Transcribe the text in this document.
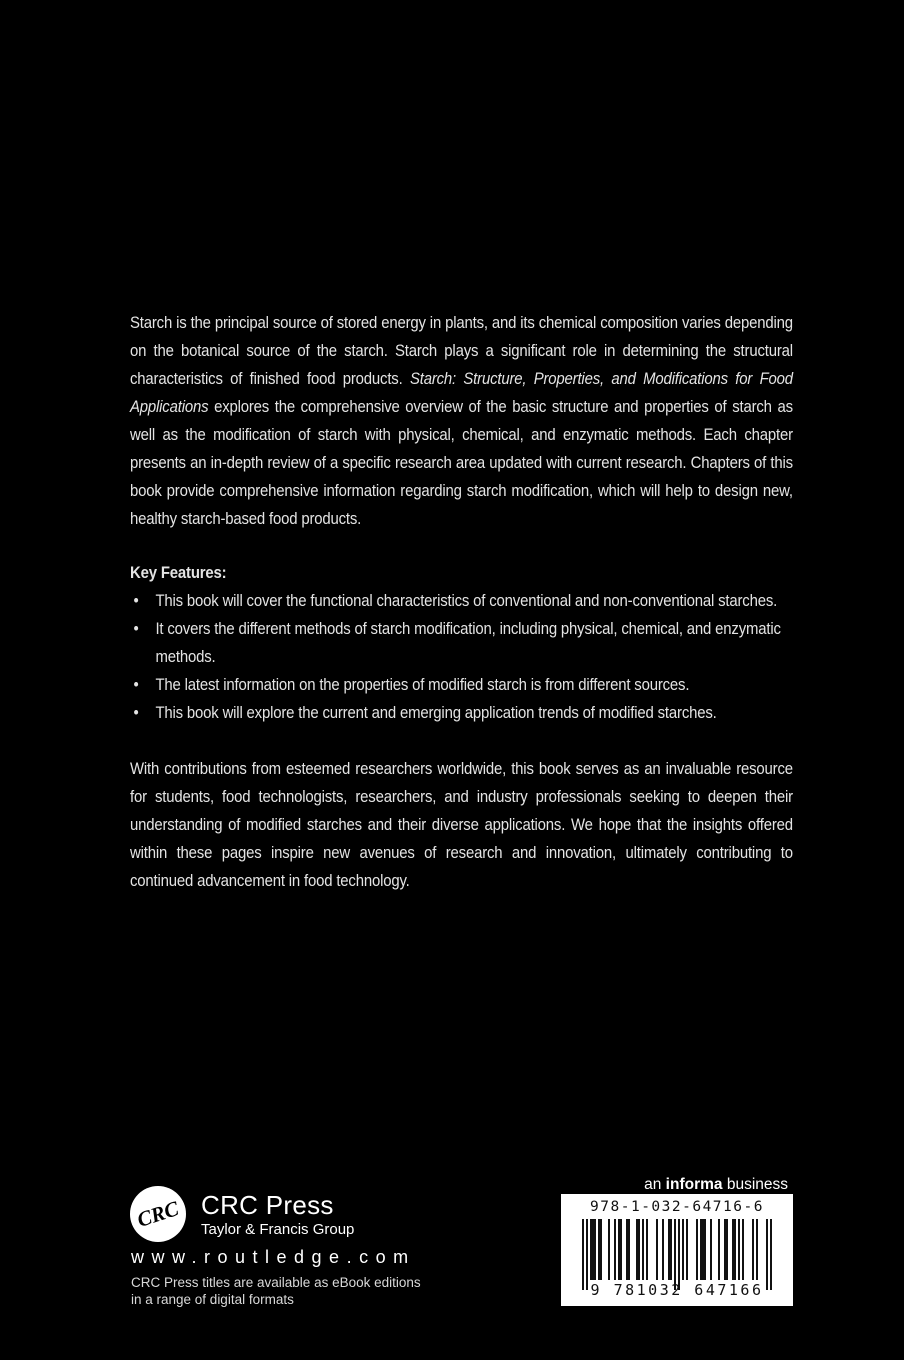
Starch is the principal source of stored energy in plants, and its chemical composition varies depending on the botanical source of the starch. Starch plays a significant role in determining the structural characteristics of finished food products. Starch: Structure, Properties, and Modifications for Food Applications explores the comprehensive overview of the basic structure and properties of starch as well as the modification of starch with physical, chemical, and enzymatic methods. Each chapter presents an in-depth review of a specific research area updated with current research. Chapters of this book provide comprehensive information regarding starch modification, which will help to design new, healthy starch-based food products.

Key Features:
• This book will cover the functional characteristics of conventional and non-conventional starches.
• It covers the different methods of starch modification, including physical, chemical, and enzymatic methods.
• The latest information on the properties of modified starch is from different sources.
• This book will explore the current and emerging application trends of modified starches.

With contributions from esteemed researchers worldwide, this book serves as an invaluable resource for students, food technologists, researchers, and industry professionals seeking to deepen their understanding of modified starches and their diverse applications. We hope that the insights offered within these pages inspire new avenues of research and innovation, ultimately contributing to continued advancement in food technology.

CRC CRC Press
Taylor & Francis Group
www.routledge.com
CRC Press titles are available as eBook editions
in a range of digital formats
an informa business
978-1-032-64716-6
9 781032 647166
